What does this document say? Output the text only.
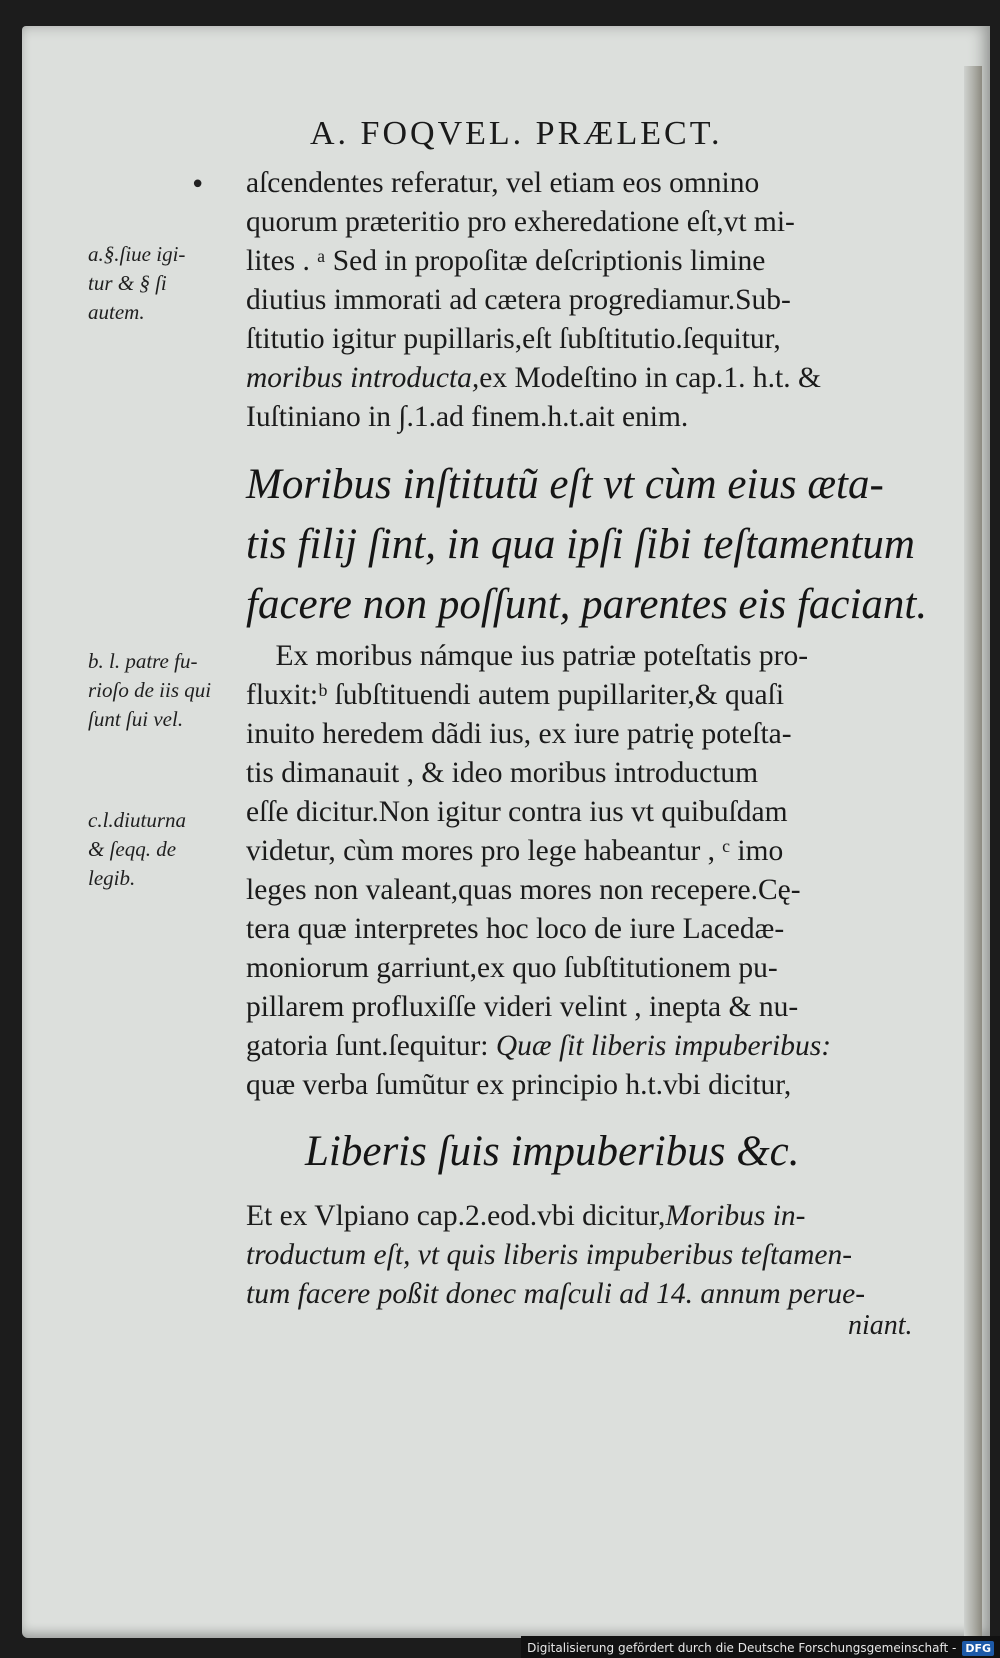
A. FOQVEL. PRÆLECT.
• aſcendentes referatur, vel etiam eos omnino
quorum præteritio pro exheredatione eſt,vt mi-
lites . ᵃ Sed in propoſitæ deſcriptionis limine
diutius immorati ad cætera progrediamur.Sub-
ſtitutio igitur pupillaris,eſt ſubſtitutio.ſequitur,
moribus introducta,ex Modeſtino in cap.1. h.t. &
Iuſtiniano in ∫.1.ad finem.h.t.ait enim.
Moribus inſtitutũ eſt vt cùm eius æta-
tis filij ſint, in qua ipſi ſibi teſtamentum
facere non poſſunt, parentes eis faciant.
Ex moribus námque ius patriæ poteſtatis pro-
fluxit:ᵇ ſubſtituendi autem pupillariter,& quaſi
inuito heredem dãdi ius, ex iure patrię poteſta-
tis dimanauit , & ideo moribus introductum
eſſe dicitur.Non igitur contra ius vt quibuſdam
videtur, cùm mores pro lege habeantur , ᶜ imo
leges non valeant,quas mores non recepere.Cę-
tera quæ interpretes hoc loco de iure Lacedæ-
moniorum garriunt,ex quo ſubſtitutionem pu-
pillarem profluxiſſe videri velint , inepta & nu-
gatoria ſunt.ſequitur: Quæ ſit liberis impuberibus:
quæ verba ſumũtur ex principio h.t.vbi dicitur,
Liberis ſuis impuberibus &c.
Et ex Vlpiano cap.2.eod.vbi dicitur,Moribus in-
troductum eſt, vt quis liberis impuberibus teſtamen-
tum facere poßit donec maſculi ad 14. annum perue-
niant.
a.§.ſiue igi-
tur & § ſi
autem.
b. l. patre fu-
rioſo de iis qui
ſunt ſui vel.
c.l.diuturna
& ſeqq. de
legib.
Digitalisierung gefördert durch die Deutsche Forschungsgemeinschaft - DFG
